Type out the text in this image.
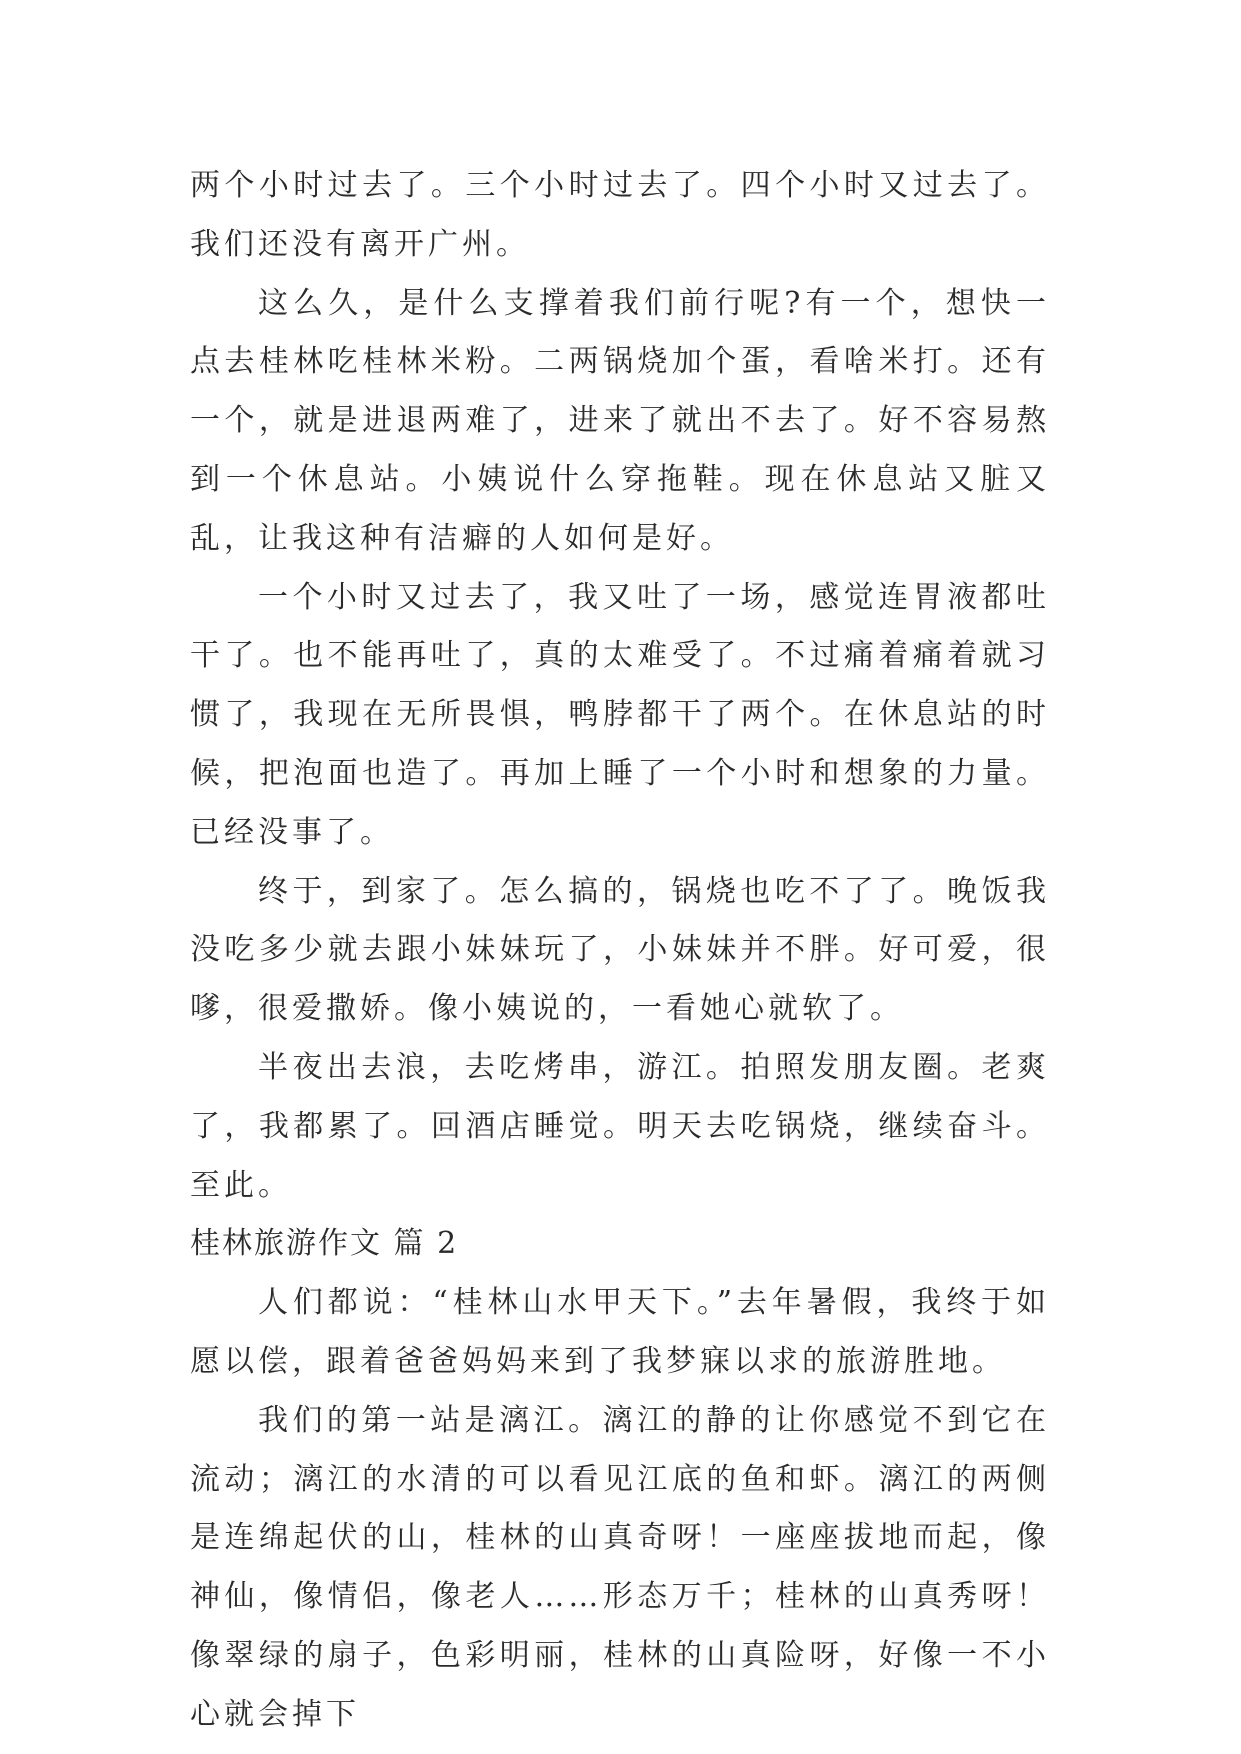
两个小时过去了。三个小时过去了。四个小时又过去了。我们还没有离开广州。

这么久，是什么支撑着我们前行呢?有一个，想快一点去桂林吃桂林米粉。二两锅烧加个蛋，看啥米打。还有一个，就是进退两难了，进来了就出不去了。好不容易熬到一个休息站。小姨说什么穿拖鞋。现在休息站又脏又乱，让我这种有洁癖的人如何是好。

一个小时又过去了，我又吐了一场，感觉连胃液都吐干了。也不能再吐了，真的太难受了。不过痛着痛着就习惯了，我现在无所畏惧，鸭脖都干了两个。在休息站的时候，把泡面也造了。再加上睡了一个小时和想象的力量。已经没事了。

终于，到家了。怎么搞的，锅烧也吃不了了。晚饭我没吃多少就去跟小妹妹玩了，小妹妹并不胖。好可爱，很嗲，很爱撒娇。像小姨说的，一看她心就软了。

半夜出去浪，去吃烤串，游江。拍照发朋友圈。老爽了，我都累了。回酒店睡觉。明天去吃锅烧，继续奋斗。至此。

桂林旅游作文 篇 2

人们都说：“桂林山水甲天下。”去年暑假，我终于如愿以偿，跟着爸爸妈妈来到了我梦寐以求的旅游胜地。

我们的第一站是漓江。漓江的静的让你感觉不到它在流动；漓江的水清的可以看见江底的鱼和虾。漓江的两侧是连绵起伏的山，桂林的山真奇呀！一座座拔地而起，像神仙，像情侣，像老人……形态万千；桂林的山真秀呀！像翠绿的扇子，色彩明丽，桂林的山真险呀，好像一不小心就会掉下
